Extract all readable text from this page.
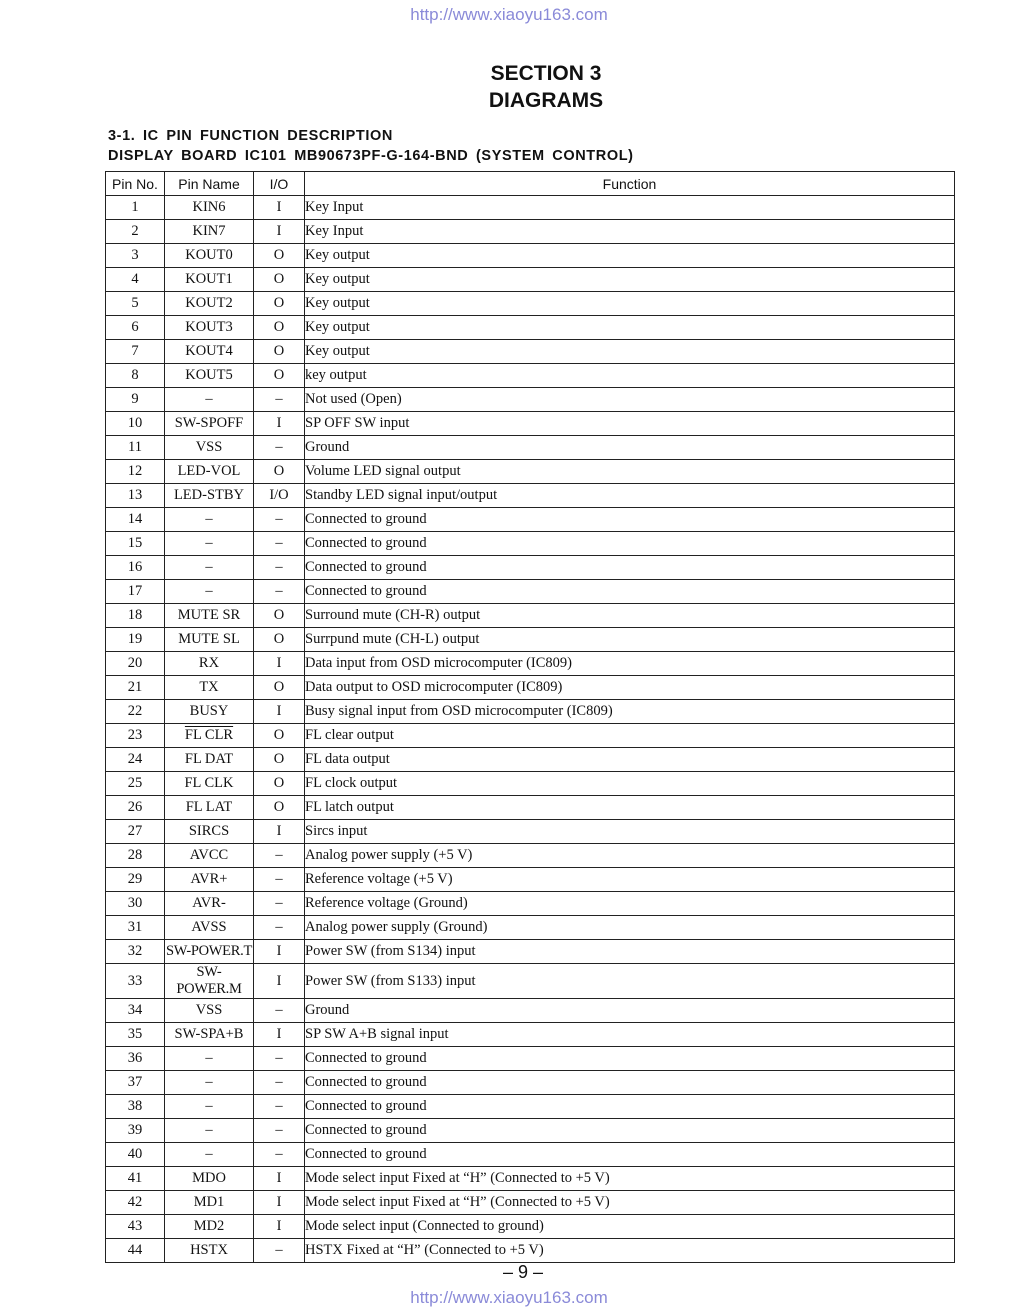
http://www.xiaoyu163.com
SECTION 3
DIAGRAMS
3-1. IC PIN FUNCTION DESCRIPTION
DISPLAY BOARD IC101 MB90673PF-G-164-BND (SYSTEM CONTROL)
Pin No.	Pin Name	I/O	Function
1	KIN6	I	Key Input
2	KIN7	I	Key Input
3	KOUT0	O	Key output
4	KOUT1	O	Key output
5	KOUT2	O	Key output
6	KOUT3	O	Key output
7	KOUT4	O	Key output
8	KOUT5	O	key output
9	–	–	Not used (Open)
10	SW-SPOFF	I	SP OFF SW input
11	VSS	–	Ground
12	LED-VOL	O	Volume LED signal output
13	LED-STBY	I/O	Standby LED signal input/output
14	–	–	Connected to ground
15	–	–	Connected to ground
16	–	–	Connected to ground
17	–	–	Connected to ground
18	MUTE SR	O	Surround mute (CH-R) output
19	MUTE SL	O	Surrpund mute (CH-L) output
20	RX	I	Data input from OSD microcomputer (IC809)
21	TX	O	Data output to OSD microcomputer (IC809)
22	BUSY	I	Busy signal input from OSD microcomputer (IC809)
23	FL CLR	O	FL clear output
24	FL DAT	O	FL data output
25	FL CLK	O	FL clock output
26	FL LAT	O	FL latch output
27	SIRCS	I	Sircs input
28	AVCC	–	Analog power supply (+5 V)
29	AVR+	–	Reference voltage (+5 V)
30	AVR-	–	Reference voltage (Ground)
31	AVSS	–	Analog power supply (Ground)
32	SW-POWER.T	I	Power SW (from S134) input
33	SW-POWER.M	I	Power SW (from S133) input
34	VSS	–	Ground
35	SW-SPA+B	I	SP SW A+B signal input
36	–	–	Connected to ground
37	–	–	Connected to ground
38	–	–	Connected to ground
39	–	–	Connected to ground
40	–	–	Connected to ground
41	MDO	I	Mode select input Fixed at “H” (Connected to +5 V)
42	MD1	I	Mode select input Fixed at “H” (Connected to +5 V)
43	MD2	I	Mode select input (Connected to ground)
44	HSTX	–	HSTX Fixed at “H” (Connected to +5 V)
– 9 –
http://www.xiaoyu163.com
